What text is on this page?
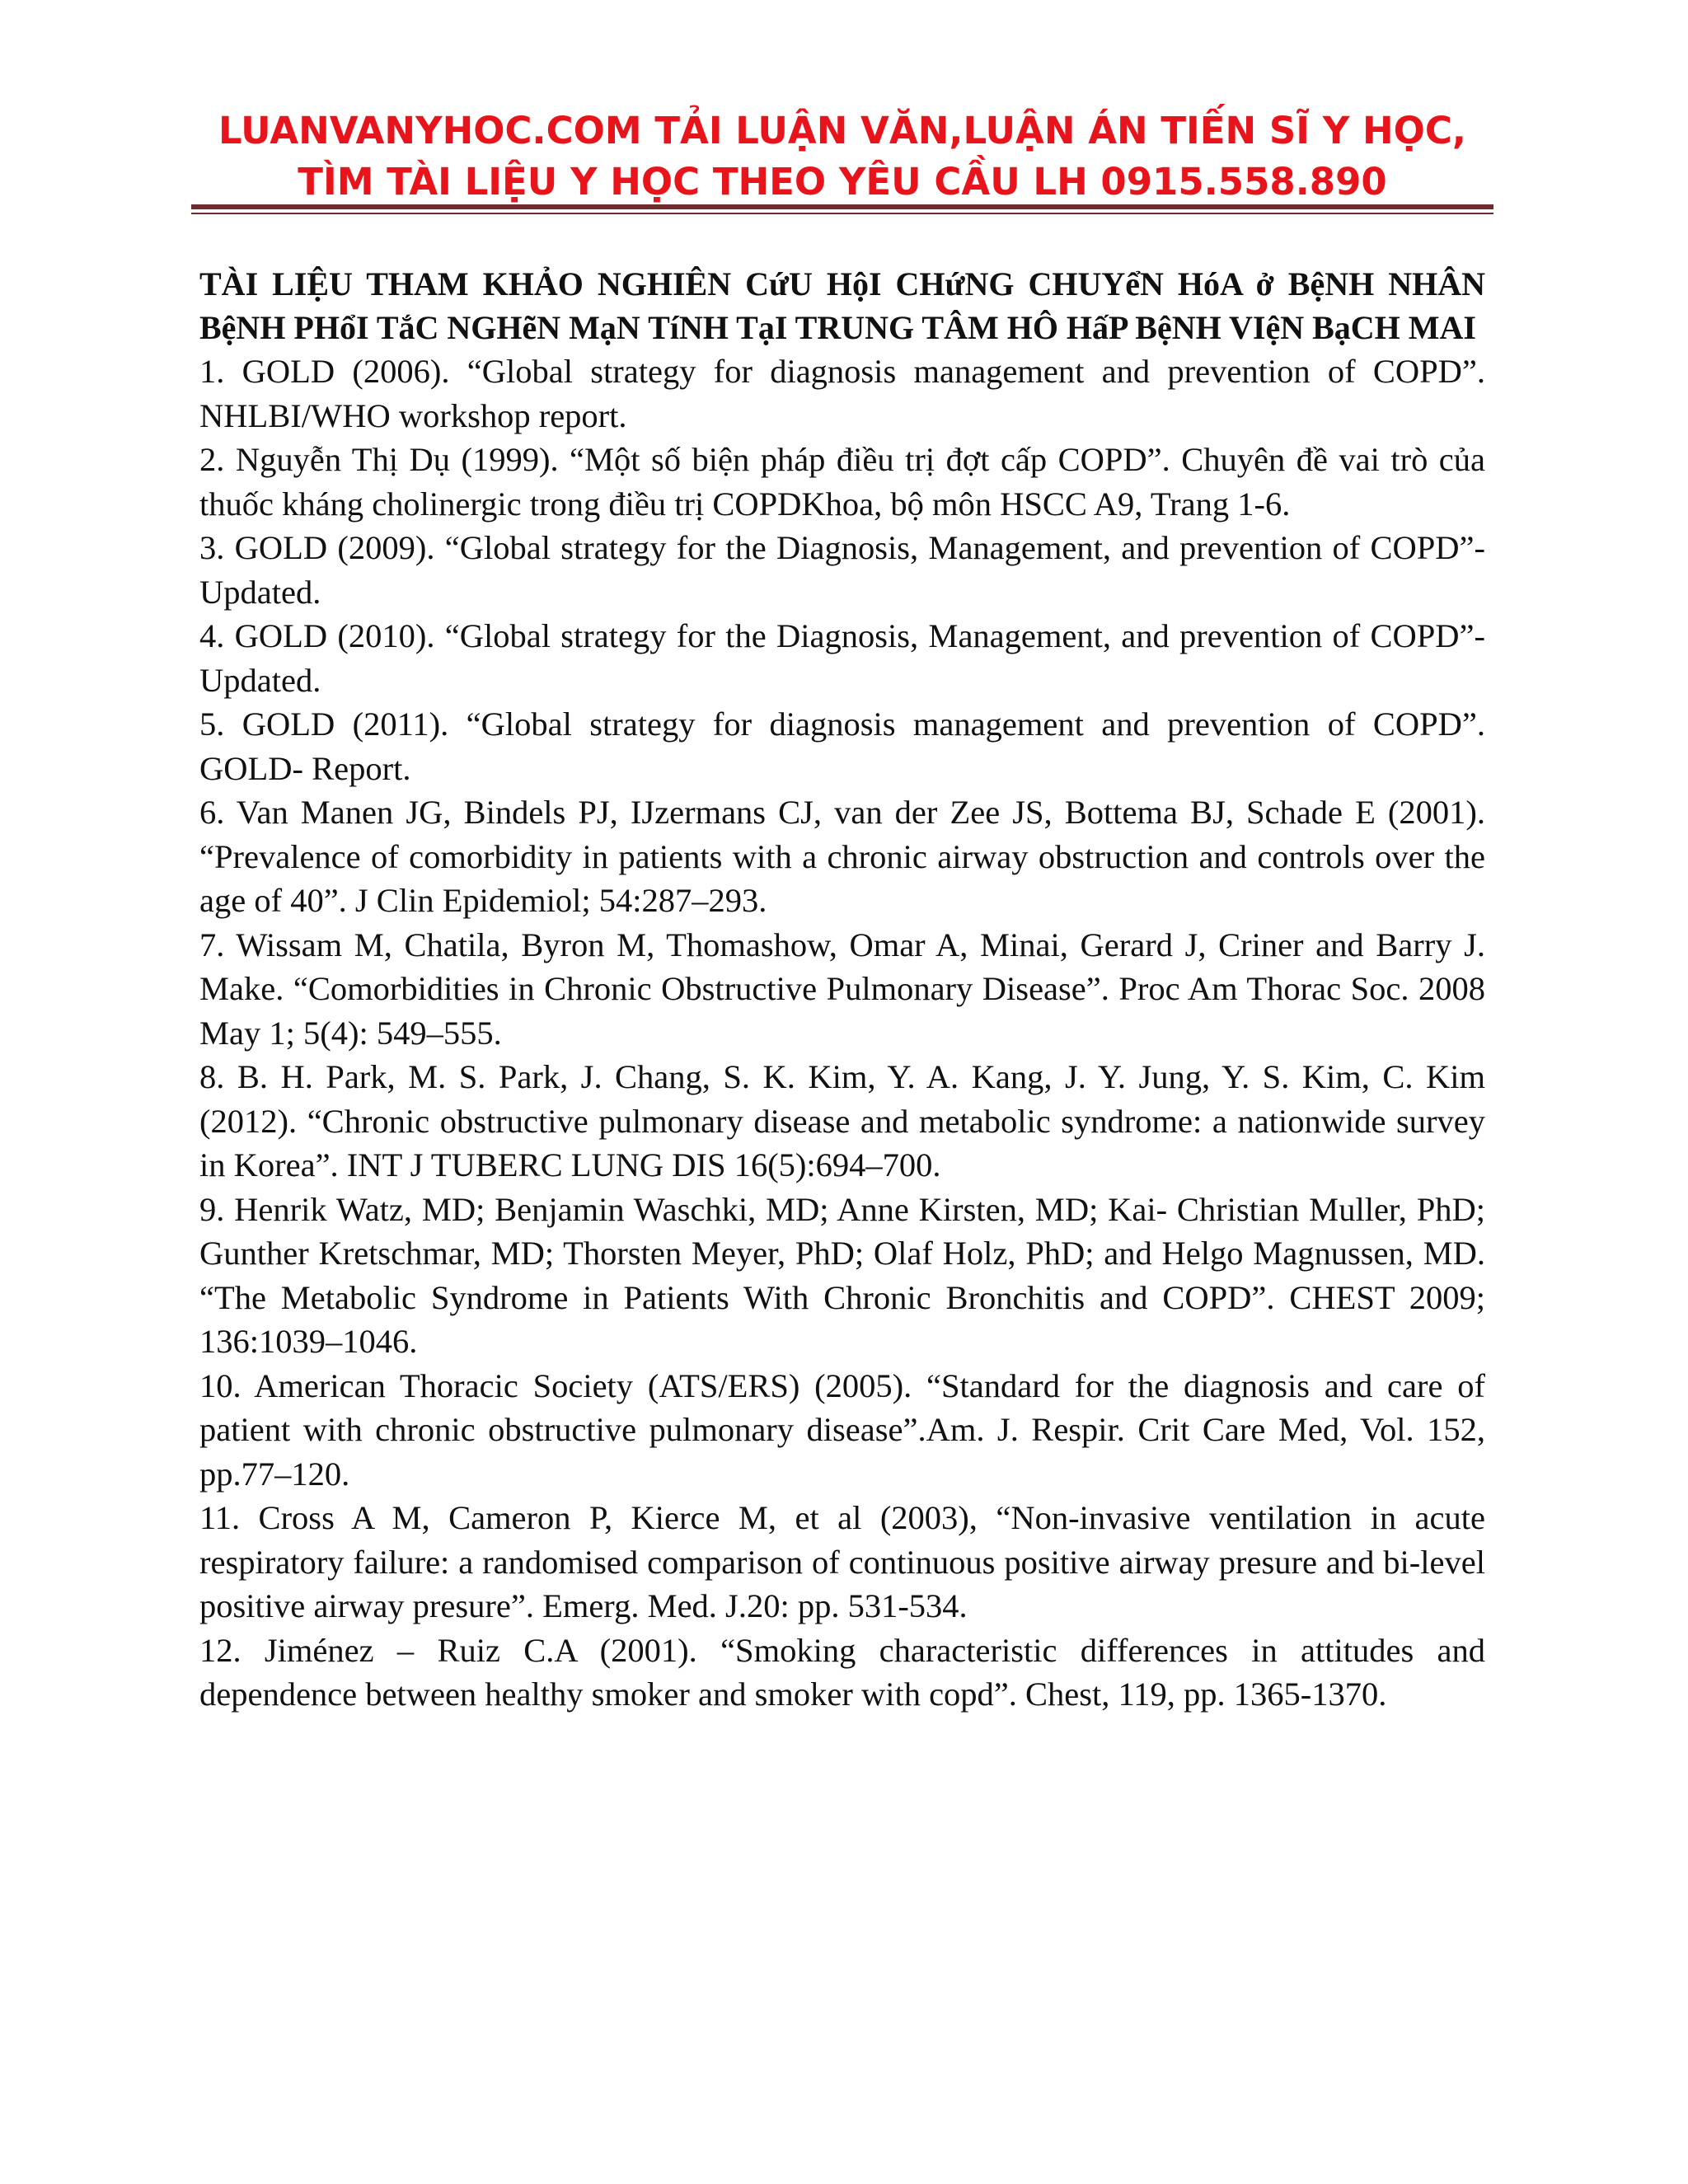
LUANVANYHOC.COM TẢI LUẬN VĂN,LUẬN ÁN TIẾN SĨ Y HỌC,
TÌM TÀI LIỆU Y HỌC THEO YÊU CẦU LH 0915.558.890

TÀI LIỆU THAM KHẢO NGHIÊN CứU HộI CHứNG CHUYểN HóA ở BệNH NHÂN BệNH PHổI TắC NGHẽN MạN TíNH TạI TRUNG TÂM HÔ HấP BệNH VIệN BạCH MAI

1. GOLD (2006). “Global strategy for diagnosis management and prevention of COPD”. NHLBI/WHO workshop report.
2. Nguyễn Thị Dụ (1999). “Một số biện pháp điều trị đợt cấp COPD”. Chuyên đề vai trò của thuốc kháng cholinergic trong điều trị COPDKhoa, bộ môn HSCC A9, Trang 1-6.
3. GOLD (2009). “Global strategy for the Diagnosis, Management, and prevention of COPD”- Updated.
4. GOLD (2010). “Global strategy for the Diagnosis, Management, and prevention of COPD”- Updated.
5. GOLD (2011). “Global strategy for diagnosis management and prevention of COPD”. GOLD- Report.
6. Van Manen JG, Bindels PJ, IJzermans CJ, van der Zee JS, Bottema BJ, Schade E (2001). “Prevalence of comorbidity in patients with a chronic airway obstruction and controls over the age of 40”. J Clin Epidemiol; 54:287–293.
7. Wissam M, Chatila, Byron M, Thomashow, Omar A, Minai, Gerard J, Criner and Barry J. Make. “Comorbidities in Chronic Obstructive Pulmonary Disease”. Proc Am Thorac Soc. 2008 May 1; 5(4): 549–555.
8. B. H. Park, M. S. Park, J. Chang, S. K. Kim, Y. A. Kang, J. Y. Jung, Y. S. Kim, C. Kim (2012). “Chronic obstructive pulmonary disease and metabolic syndrome: a nationwide survey in Korea”. INT J TUBERC LUNG DIS 16(5):694–700.
9. Henrik Watz, MD; Benjamin Waschki, MD; Anne Kirsten, MD; Kai- Christian Muller, PhD; Gunther Kretschmar, MD; Thorsten Meyer, PhD; Olaf Holz, PhD; and Helgo Magnussen, MD. “The Metabolic Syndrome in Patients With Chronic Bronchitis and COPD”. CHEST 2009; 136:1039–1046.
10. American Thoracic Society (ATS/ERS) (2005). “Standard for the diagnosis and care of patient with chronic obstructive pulmonary disease”.Am. J. Respir. Crit Care Med, Vol. 152, pp.77–120.
11. Cross A M, Cameron P, Kierce M, et al (2003), “Non-invasive ventilation in acute respiratory failure: a randomised comparison of continuous positive airway presure and bi-level positive airway presure”. Emerg. Med. J.20: pp. 531-534.
12. Jiménez – Ruiz C.A (2001). “Smoking characteristic differences in attitudes and dependence between healthy smoker and smoker with copd”. Chest, 119, pp. 1365-1370.
